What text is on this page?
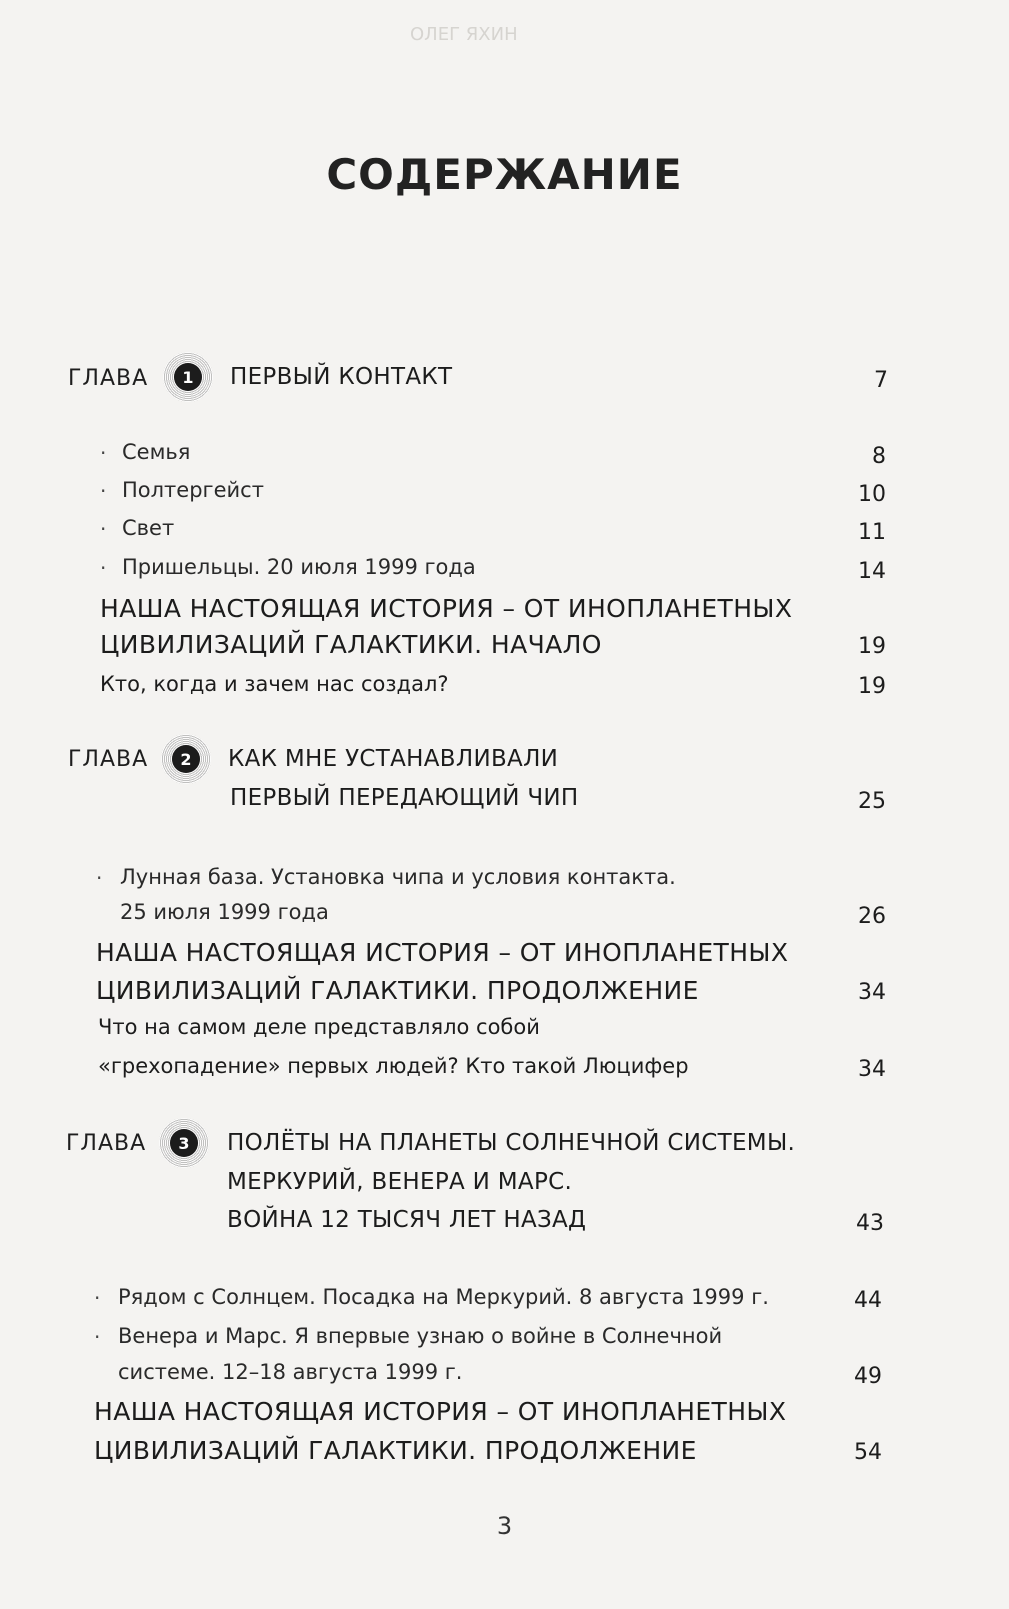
ОЛЕГ ЯХИН
СОДЕРЖАНИЕ
ГЛАВА	1	ПЕРВЫЙ КОНТАКТ	7
· Семья	8
· Полтергейст	10
· Свет	11
· Пришельцы. 20 июля 1999 года	14
НАША НАСТОЯЩАЯ ИСТОРИЯ – ОТ ИНОПЛАНЕТНЫХ
ЦИВИЛИЗАЦИЙ ГАЛАКТИКИ. НАЧАЛО	19
Кто, когда и зачем нас создал?	19
ГЛАВА	2	КАК МНЕ УСТАНАВЛИВАЛИ
ПЕРВЫЙ ПЕРЕДАЮЩИЙ ЧИП	25
· Лунная база. Установка чипа и условия контакта.
25 июля 1999 года	26
НАША НАСТОЯЩАЯ ИСТОРИЯ – ОТ ИНОПЛАНЕТНЫХ
ЦИВИЛИЗАЦИЙ ГАЛАКТИКИ. ПРОДОЛЖЕНИЕ	34
Что на самом деле представляло собой
«грехопадение» первых людей? Кто такой Люцифер	34
ГЛАВА	3	ПОЛЁТЫ НА ПЛАНЕТЫ СОЛНЕЧНОЙ СИСТЕМЫ.
МЕРКУРИЙ, ВЕНЕРА И МАРС.
ВОЙНА 12 ТЫСЯЧ ЛЕТ НАЗАД	43
· Рядом с Солнцем. Посадка на Меркурий. 8 августа 1999 г.	44
· Венера и Марс. Я впервые узнаю о войне в Солнечной
системе. 12–18 августа 1999 г.	49
НАША НАСТОЯЩАЯ ИСТОРИЯ – ОТ ИНОПЛАНЕТНЫХ
ЦИВИЛИЗАЦИЙ ГАЛАКТИКИ. ПРОДОЛЖЕНИЕ	54
3
